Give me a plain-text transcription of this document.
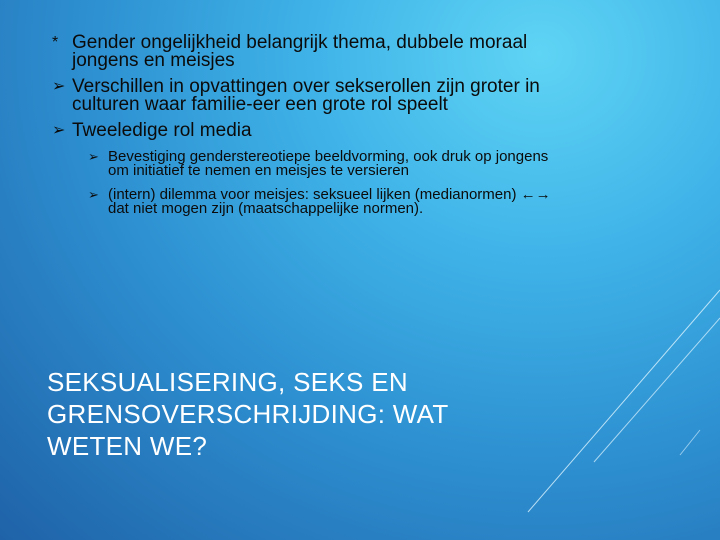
* Gender ongelijkheid belangrijk thema, dubbele moraal jongens en meisjes
➢ Verschillen in opvattingen over sekserollen zijn groter in culturen waar familie-eer een grote rol speelt
➢ Tweeledige rol media
➢ Bevestiging genderstereotiepe beeldvorming, ook druk op jongens om initiatief te nemen en meisjes te versieren
➢ (intern) dilemma voor meisjes: seksueel lijken (medianormen) ←→ dat niet mogen zijn (maatschappelijke normen).
SEKSUALISERING, SEKS EN GRENSOVERSCHRIJDING: WAT WETEN WE?
